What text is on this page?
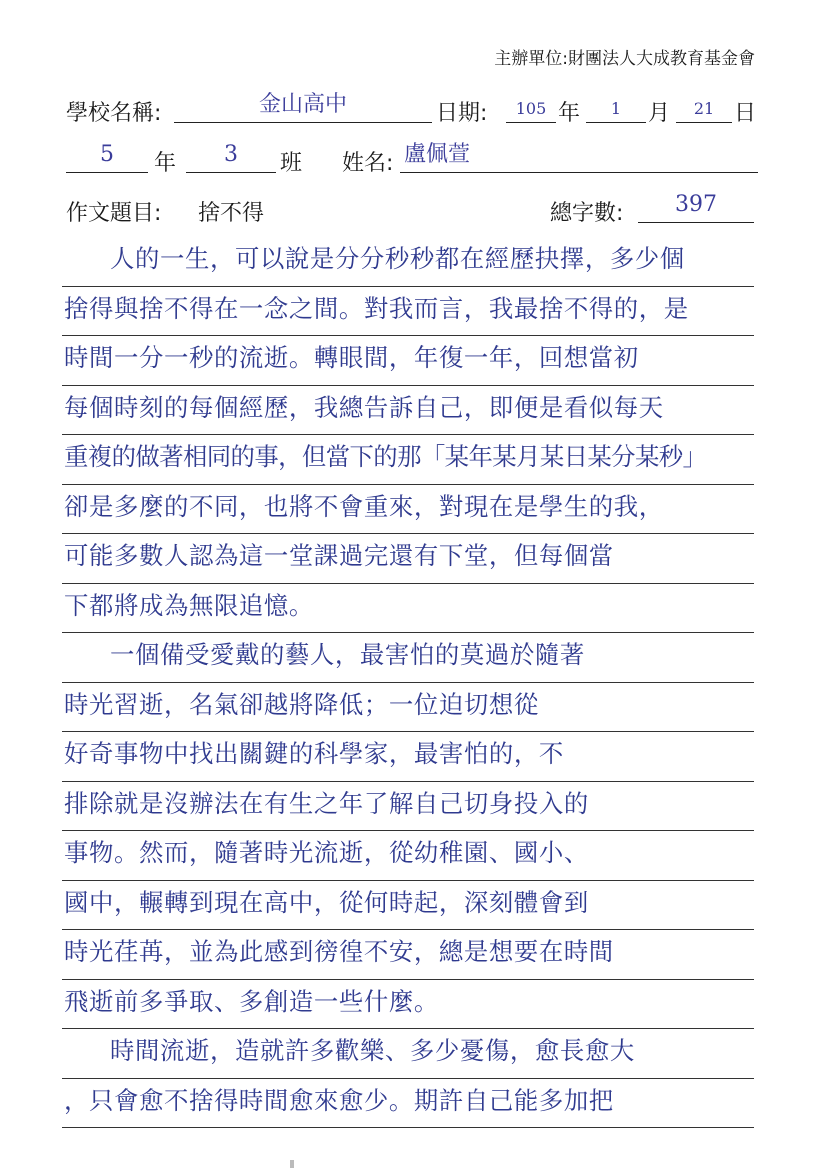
主辦單位:財團法人大成教育基金會
學校名稱:	金山高中	日期:	105 年	1	月	21 日
5	年	3	班 姓名: 盧佩萱
作文題目: 捨不得	總字數:	397
人的一生，可以說是分分秒秒都在經歷抉擇，多少個
捨得與捨不得在一念之間。對我而言，我最捨不得的，是
時間一分一秒的流逝。轉眼間，年復一年，回想當初
每個時刻的每個經歷，我總告訴自己，即便是看似每天
重複的做著相同的事，但當下的那「某年某月某日某分某秒」
卻是多麼的不同，也將不會重來，對現在是學生的我，
可能多數人認為這一堂課過完還有下堂，但每個當
下都將成為無限追憶。
一個備受愛戴的藝人，最害怕的莫過於隨著
時光習逝，名氣卻越將降低；一位迫切想從
好奇事物中找出關鍵的科學家，最害怕的，不
排除就是沒辦法在有生之年了解自己切身投入的
事物。然而，隨著時光流逝，從幼稚園、國小、
國中，輾轉到現在高中，從何時起，深刻體會到
時光荏苒，並為此感到徬徨不安，總是想要在時間
飛逝前多爭取、多創造一些什麼。
時間流逝，造就許多歡樂、多少憂傷，愈長愈大
，只會愈不捨得時間愈來愈少。期許自己能多加把
